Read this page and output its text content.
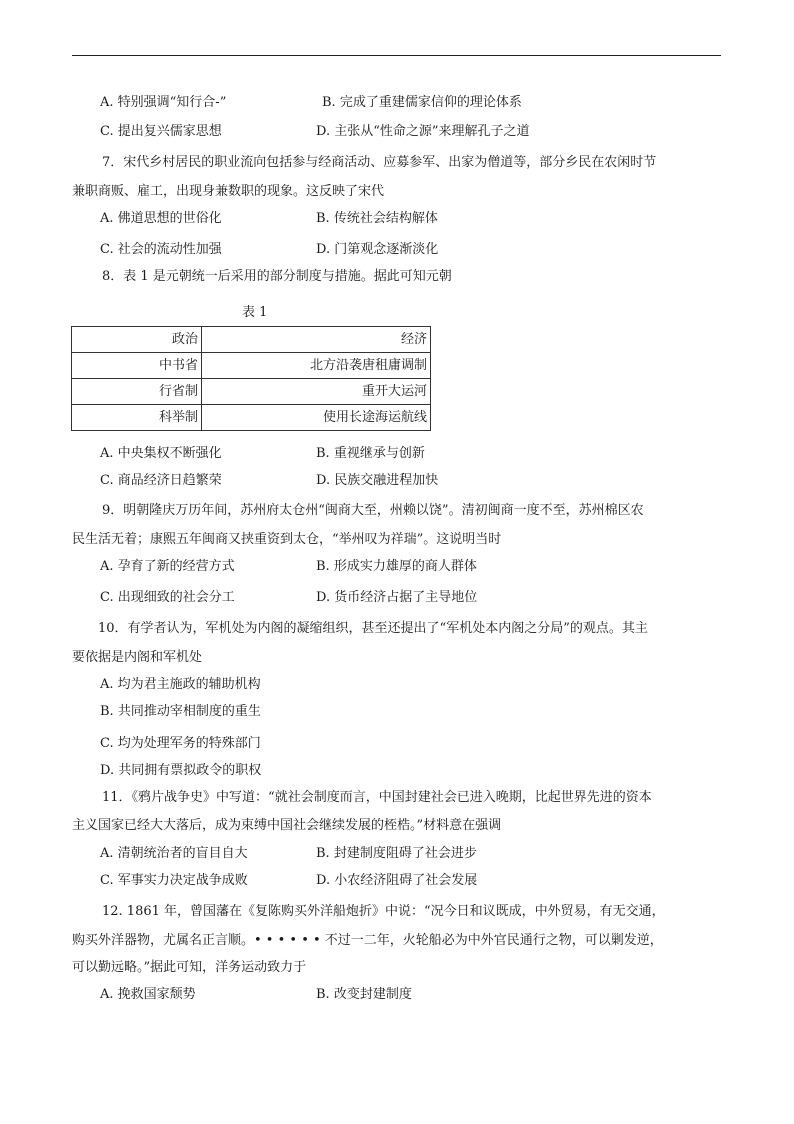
A. 特别强调“知行合-”	B. 完成了重建儒家信仰的理论体系
C. 提出复兴儒家思想	D. 主张从“性命之源”来理解孔子之道
7．宋代乡村居民的职业流向包括参与经商活动、应募参军、出家为僧道等，部分乡民在农闲时节
兼职商贩、雇工，出现身兼数职的现象。这反映了宋代
A. 佛道思想的世俗化	B. 传统社会结构解体
C. 社会的流动性加强	D. 门第观念逐渐淡化
8．表 1 是元朝统一后采用的部分制度与措施。据此可知元朝
表 1
政治	经济
中书省	北方沿袭唐租庸调制
行省制	重开大运河
科举制	使用长途海运航线
A. 中央集权不断强化	B. 重视继承与创新
C. 商品经济日趋繁荣	D. 民族交融进程加快
9．明朝隆庆万历年间，苏州府太仓州“闽商大至，州赖以饶”。清初闽商一度不至，苏州棉区农
民生活无着；康熙五年闽商又挟重资到太仓，“举州叹为祥瑞”。这说明当时
A. 孕育了新的经营方式	B. 形成实力雄厚的商人群体
C. 出现细致的社会分工	D. 货币经济占据了主导地位
10．有学者认为，军机处为内阁的凝缩组织，甚至还提出了“军机处本内阁之分局”的观点。其主
要依据是内阁和军机处
A. 均为君主施政的辅助机构
B. 共同推动宰相制度的重生
C. 均为处理军务的特殊部门
D. 共同拥有票拟政令的职权
11．《鸦片战争史》中写道：“就社会制度而言，中国封建社会已进入晚期，比起世界先进的资本
主义国家已经大大落后，成为束缚中国社会继续发展的桎梏。”材料意在强调
A. 清朝统治者的盲目自大	B. 封建制度阻碍了社会进步
C. 军事实力决定战争成败	D. 小农经济阻碍了社会发展
12. 1861 年，曾国藩在《复陈购买外洋船炮折》中说：“况今日和议既成，中外贸易，有无交通，
购买外洋器物，尤属名正言顺。• • • • • • 不过一二年，火轮船必为中外官民通行之物，可以剿发逆，
可以勤远略。”据此可知，洋务运动致力于
A. 挽救国家颓势	B. 改变封建制度
